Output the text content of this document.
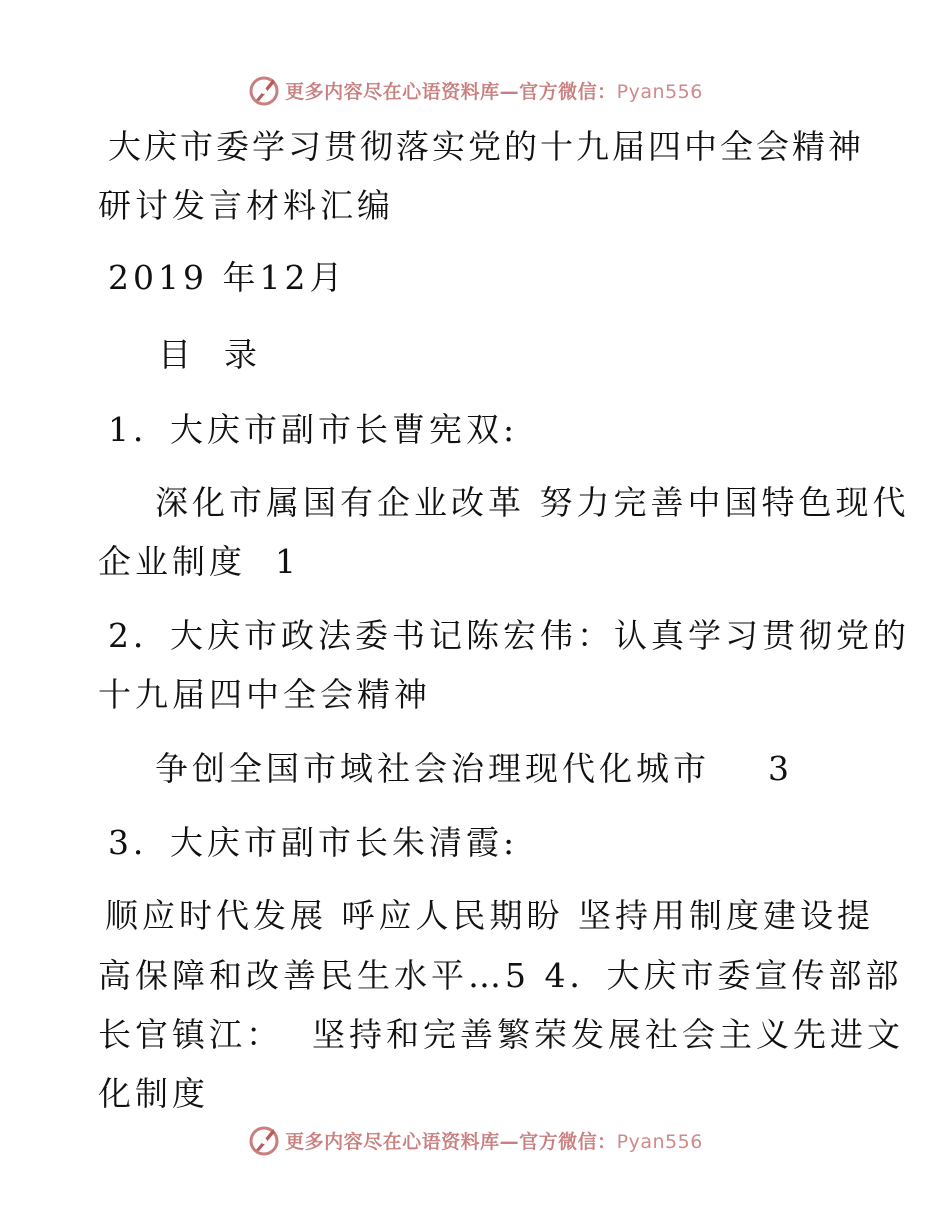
更多内容尽在心语资料库—官方微信：Pyan556
大庆市委学习贯彻落实党的十九届四中全会精神
研讨发言材料汇编
2019 年12月
目  录
1．大庆市副市长曹宪双:
深化市属国有企业改革 努力完善中国特色现代
企业制度  1
2．大庆市政法委书记陈宏伟：认真学习贯彻党的
十九届四中全会精神
争创全国市域社会治理现代化城市    3
3．大庆市副市长朱清霞:
顺应时代发展 呼应人民期盼 坚持用制度建设提
高保障和改善民生水平…5 4．大庆市委宣传部部
长官镇江：  坚持和完善繁荣发展社会主义先进文
化制度
更多内容尽在心语资料库—官方微信：Pyan556
